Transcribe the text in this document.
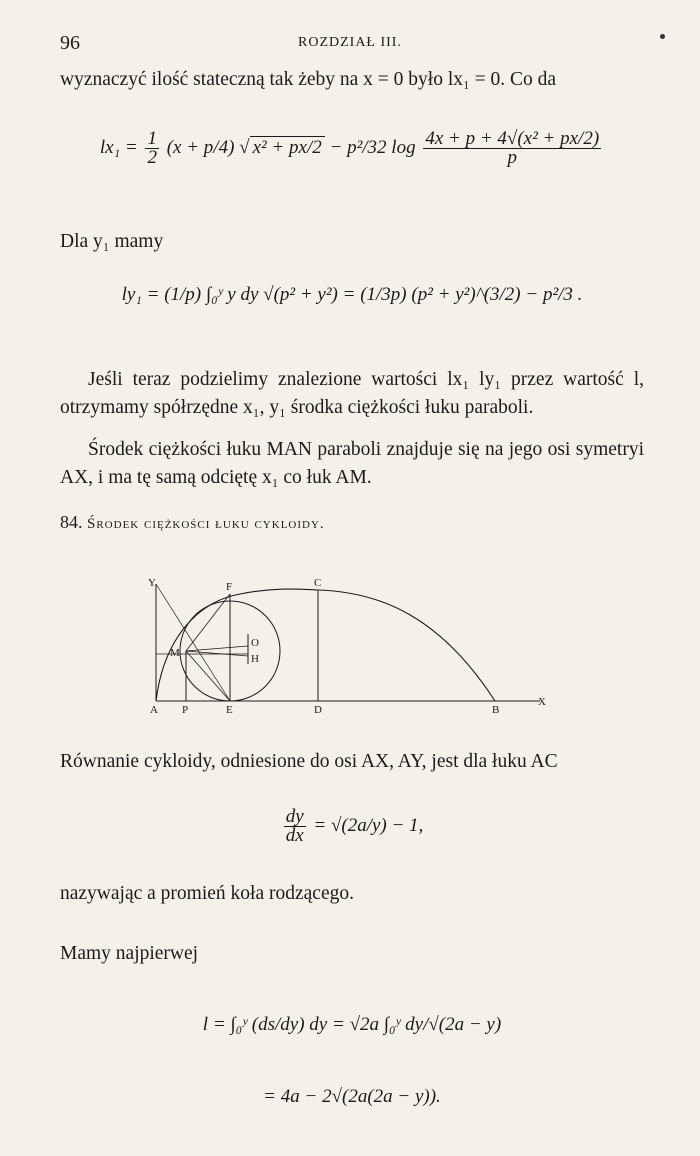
96	ROZDZIAŁ III.
wyznaczyć ilość stateczną tak żeby na x = 0 było lx₁ = 0. Co da
$lx_1 = \frac{1}{2} (x + p/4)$ √ x² + px/2 − p²/32 $\log \frac{\text{4x + p + 4√(x² + px/2)}}{p}$
Dla y₁ mamy
ly₁ = (1/p) ∫₀ʸ y dy √(p² + y²) = (1/3p) (p² + y²)^(3/2) − p²/3 .
Jeśli teraz podzielimy znalezione wartości lx₁ ly₁ przez wartość l, otrzymamy spółrzędne x₁, y₁ środka ciężkości łuku paraboli.
Środek ciężkości łuku MAN paraboli znajduje się na jego osi symetryi AX, i ma tę samą odciętę x₁ co łuk AM.
84. Środek ciężkości łuku cykloidy.
Y	F	C
O
H
M
A P	E	D	B
X
Równanie cykloidy, odniesione do osi AX, AY, jest dla łuku AC
$\frac{dy}{dx} = √(2a/y) - 1$,
nazywając a promień koła rodzącego.
Mamy najpierwej
l = ∫₀ʸ (ds/dy) dy = √2a ∫₀ʸ dy/√(2a − y)
= 4a − 2√(2a(2a − y)).
